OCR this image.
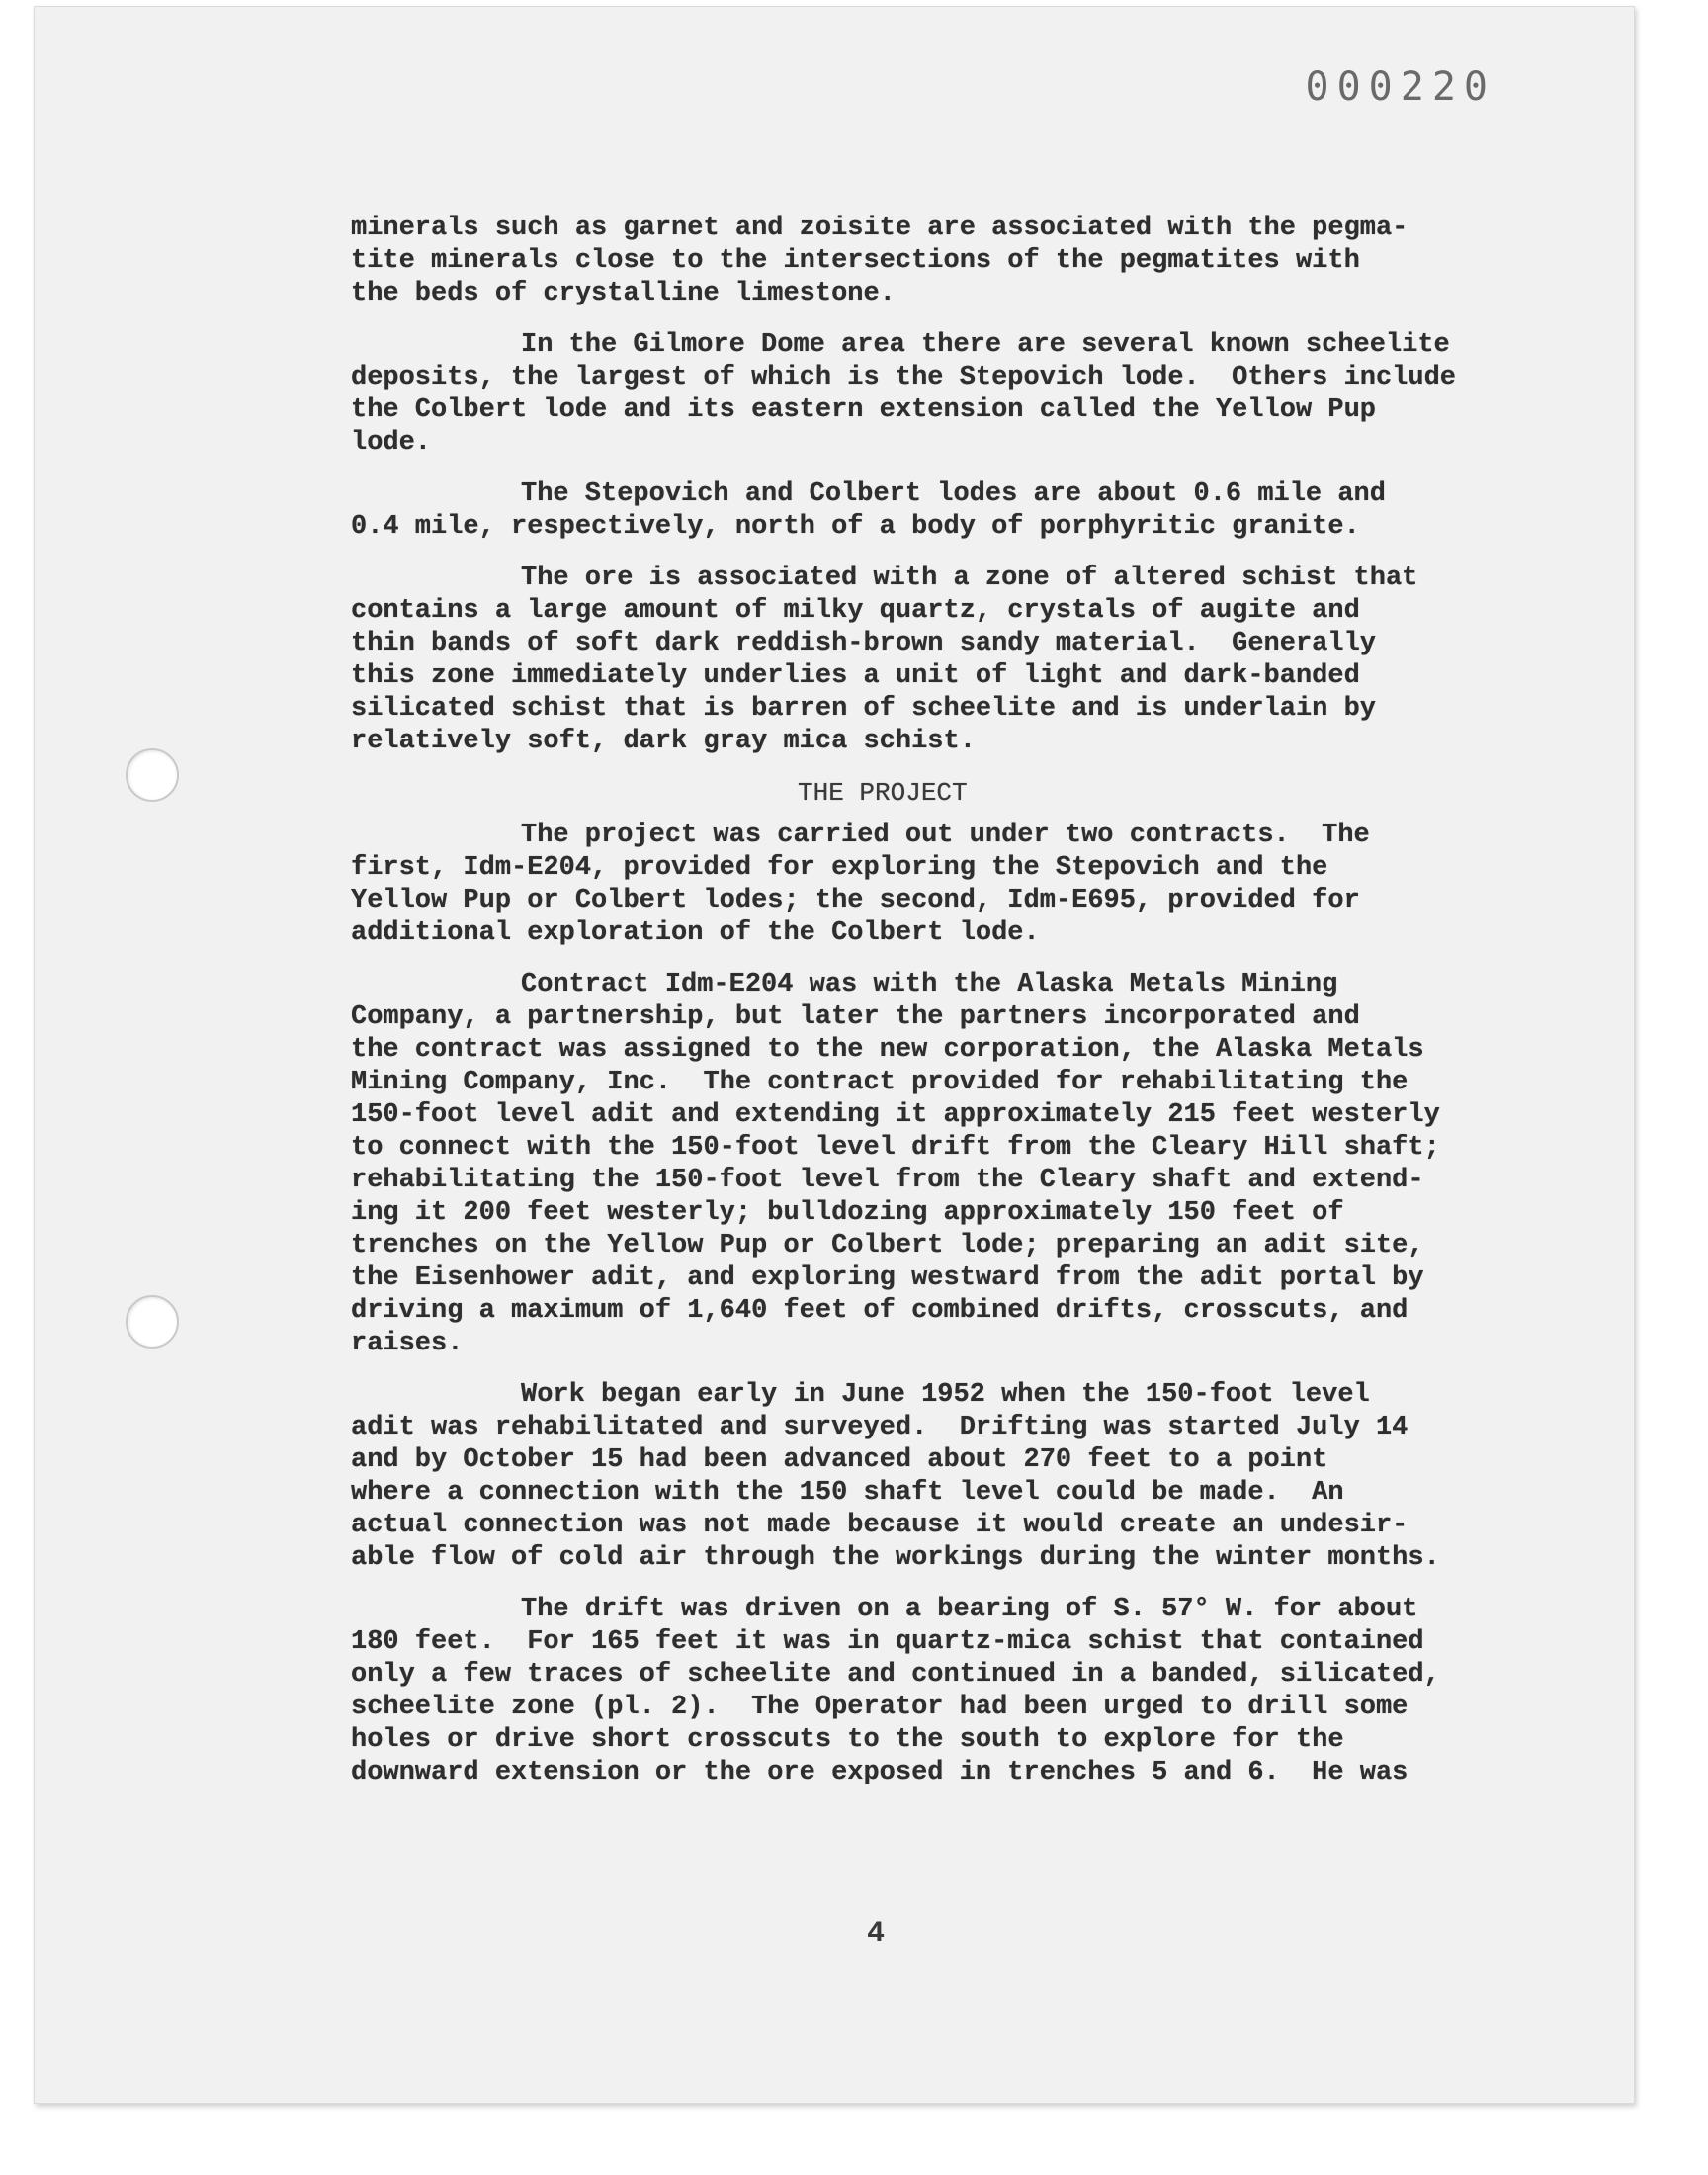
000220
minerals such as garnet and zoisite are associated with the pegma-
tite minerals close to the intersections of the pegmatites with
the beds of crystalline limestone.
In the Gilmore Dome area there are several known scheelite
deposits, the largest of which is the Stepovich lode.  Others include
the Colbert lode and its eastern extension called the Yellow Pup
lode.
The Stepovich and Colbert lodes are about 0.6 mile and
0.4 mile, respectively, north of a body of porphyritic granite.
The ore is associated with a zone of altered schist that
contains a large amount of milky quartz, crystals of augite and
thin bands of soft dark reddish-brown sandy material.  Generally
this zone immediately underlies a unit of light and dark-banded
silicated schist that is barren of scheelite and is underlain by
relatively soft, dark gray mica schist.
THE PROJECT
The project was carried out under two contracts.  The
first, Idm-E204, provided for exploring the Stepovich and the
Yellow Pup or Colbert lodes; the second, Idm-E695, provided for
additional exploration of the Colbert lode.
Contract Idm-E204 was with the Alaska Metals Mining
Company, a partnership, but later the partners incorporated and
the contract was assigned to the new corporation, the Alaska Metals
Mining Company, Inc.  The contract provided for rehabilitating the
150-foot level adit and extending it approximately 215 feet westerly
to connect with the 150-foot level drift from the Cleary Hill shaft;
rehabilitating the 150-foot level from the Cleary shaft and extend-
ing it 200 feet westerly; bulldozing approximately 150 feet of
trenches on the Yellow Pup or Colbert lode; preparing an adit site,
the Eisenhower adit, and exploring westward from the adit portal by
driving a maximum of 1,640 feet of combined drifts, crosscuts, and
raises.
Work began early in June 1952 when the 150-foot level
adit was rehabilitated and surveyed.  Drifting was started July 14
and by October 15 had been advanced about 270 feet to a point
where a connection with the 150 shaft level could be made.  An
actual connection was not made because it would create an undesir-
able flow of cold air through the workings during the winter months.
The drift was driven on a bearing of S. 57° W. for about
180 feet.  For 165 feet it was in quartz-mica schist that contained
only a few traces of scheelite and continued in a banded, silicated,
scheelite zone (pl. 2).  The Operator had been urged to drill some
holes or drive short crosscuts to the south to explore for the
downward extension or the ore exposed in trenches 5 and 6.  He was
4
